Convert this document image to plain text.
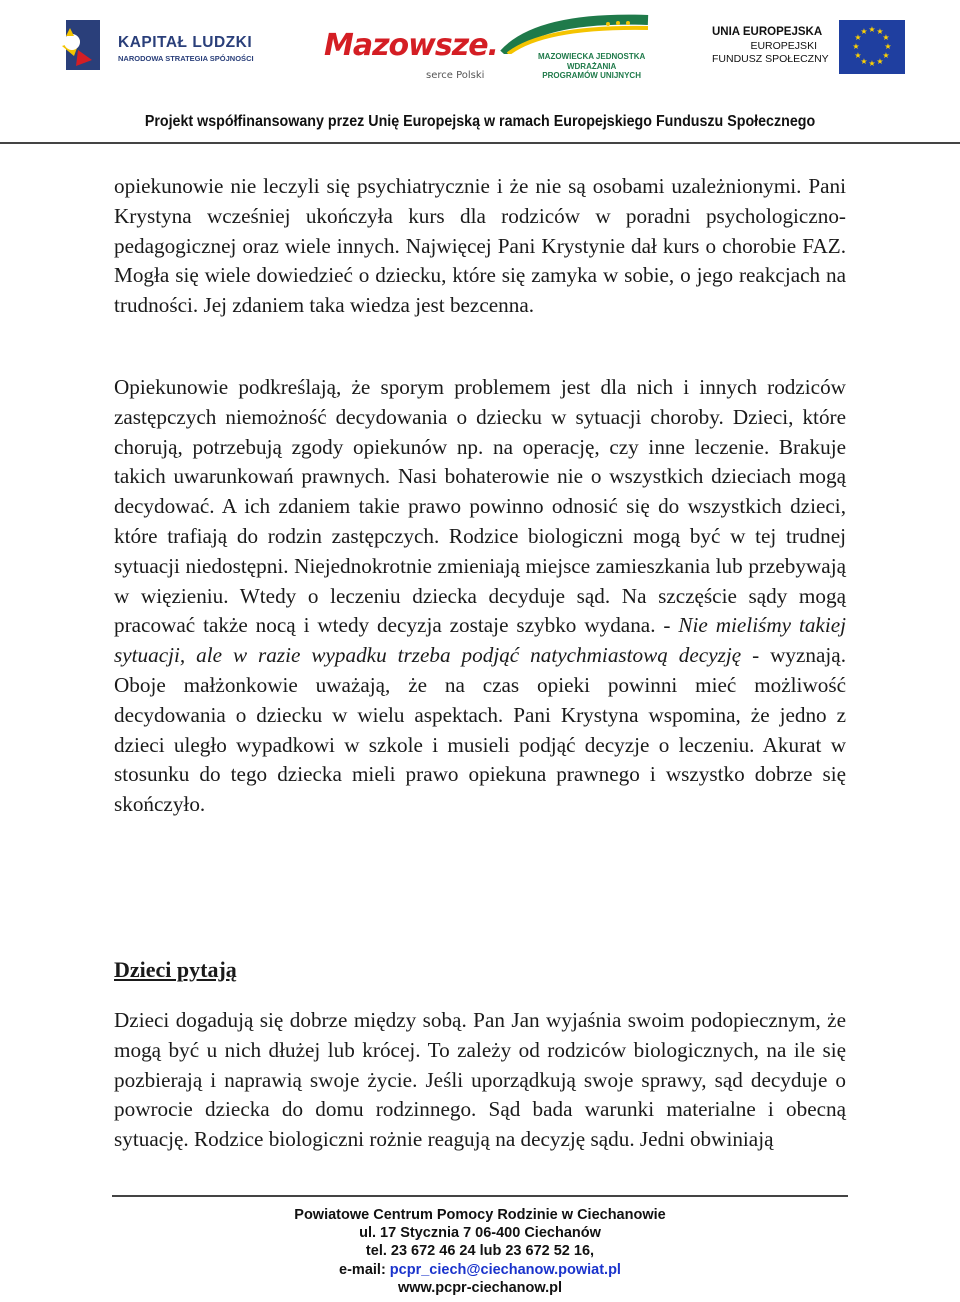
KAPITAŁ LUDZKI
NARODOWA STRATEGIA SPÓJNOŚCI Mazowsze.
serce Polski
MAZOWIECKA JEDNOSTKA
WDRAŻANIA
PROGRAMÓW UNIJNYCH
UNIA EUROPEJSKA
EUROPEJSKI
FUNDUSZ SPOŁECZNY
★ ★
★
★
★
★
★
★
★
★
★
★
Projekt współfinansowany przez Unię Europejską w ramach Europejskiego Funduszu Społecznego

opiekunowie nie leczyli się psychiatrycznie i że nie są osobami uzależnionymi. Pani Krystyna wcześniej ukończyła kurs dla rodziców w poradni psychologiczno-pedagogicznej oraz wiele innych. Najwięcej Pani Krystynie dał kurs o chorobie FAZ. Mogła się wiele dowiedzieć o dziecku, które się zamyka w sobie, o jego reakcjach na trudności. Jej zdaniem taka wiedza jest bezcenna.

Opiekunowie podkreślają, że sporym problemem jest dla nich i innych rodziców zastępczych niemożność decydowania o dziecku w sytuacji choroby. Dzieci, które chorują, potrzebują zgody opiekunów np. na operację, czy inne leczenie. Brakuje takich uwarunkowań prawnych. Nasi bohaterowie nie o wszystkich dzieciach mogą decydować. A ich zdaniem takie prawo powinno odnosić się do wszystkich dzieci, które trafiają do rodzin zastępczych. Rodzice biologiczni mogą być w tej trudnej sytuacji niedostępni. Niejednokrotnie zmieniają miejsce zamieszkania lub przebywają w więzieniu. Wtedy o leczeniu dziecka decyduje sąd. Na szczęście sądy mogą pracować także nocą i wtedy decyzja zostaje szybko wydana. - Nie mieliśmy takiej sytuacji, ale w razie wypadku trzeba podjąć natychmiastową decyzję - wyznają. Oboje małżonkowie uważają, że na czas opieki powinni mieć możliwość decydowania o dziecku w wielu aspektach. Pani Krystyna wspomina, że jedno z dzieci uległo wypadkowi w szkole i musieli podjąć decyzje o leczeniu. Akurat w stosunku do tego dziecka mieli prawo opiekuna prawnego i wszystko dobrze się skończyło.

Dzieci pytają

Dzieci dogadują się dobrze między sobą. Pan Jan wyjaśnia swoim podopiecznym, że mogą być u nich dłużej lub krócej. To zależy od rodziców biologicznych, na ile się pozbierają i naprawią swoje życie. Jeśli uporządkują swoje sprawy, sąd decyduje o powrocie dziecka do domu rodzinnego. Sąd bada warunki materialne i obecną sytuację. Rodzice biologiczni rożnie reagują na decyzję sądu. Jedni obwiniają

Powiatowe Centrum Pomocy Rodzinie w Ciechanowie
ul. 17 Stycznia 7 06-400 Ciechanów
tel. 23 672 46 24 lub 23 672 52 16,
e-mail: pcpr_ciech@ciechanow.powiat.pl
www.pcpr-ciechanow.pl
